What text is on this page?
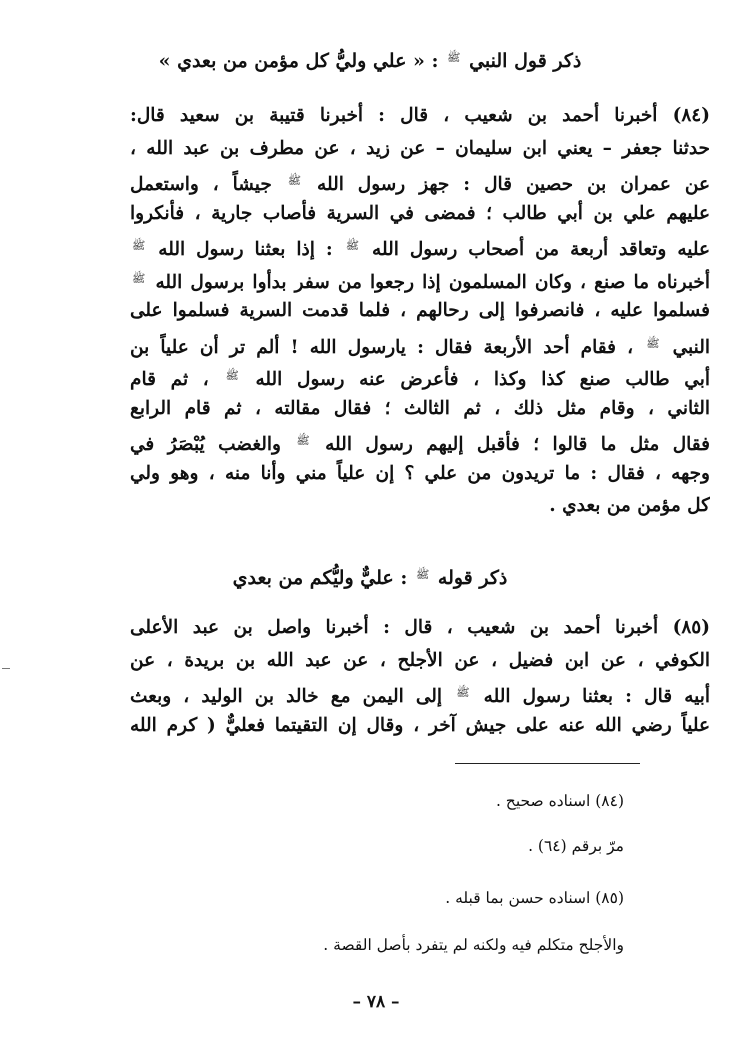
ذكر قول النبي ﷺ : « علي وليُّ كل مؤمن من بعدي »
(٨٤) أخبرنا أحمد بن شعيب ، قال : أخبرنا قتيبة بن سعيد قال:
حدثنا جعفر – يعني ابن سليمان – عن زيد ، عن مطرف بن عبد الله ،
عن عمران بن حصين قال : جهز رسول الله ﷺ جيشاً ، واستعمل
عليهم علي بن أبي طالب ؛ فمضى في السرية فأصاب جارية ، فأنكروا
عليه وتعاقد أربعة من أصحاب رسول الله ﷺ : إذا بعثنا رسول الله ﷺ
أخبرناه ما صنع ، وكان المسلمون إذا رجعوا من سفر بدأوا برسول الله ﷺ
فسلموا عليه ، فانصرفوا إلى رحالهم ، فلما قدمت السرية فسلموا على
النبي ﷺ ، فقام أحد الأربعة فقال : يارسول الله ! ألم تر أن علياً بن
أبي طالب صنع كذا وكذا ، فأعرض عنه رسول الله ﷺ ، ثم قام
الثاني ، وقام مثل ذلك ، ثم الثالث ؛ فقال مقالته ، ثم قام الرابع
فقال مثل ما قالوا ؛ فأقبل إليهم رسول الله ﷺ والغضب يُبْصَرُ في
وجهه ، فقال : ما تريدون من علي ؟ إن علياً مني وأنا منه ، وهو ولي
كل مؤمن من بعدي .
ذكر قوله ﷺ : عليٌّ وليُّكم من بعدي
(٨٥) أخبرنا أحمد بن شعيب ، قال : أخبرنا واصل بن عبد الأعلى
الكوفي ، عن ابن فضيل ، عن الأجلح ، عن عبد الله بن بريدة ، عن
أبيه قال : بعثنا رسول الله ﷺ إلى اليمن مع خالد بن الوليد ، وبعث
علياً رضي الله عنه على جيش آخر ، وقال إن التقيتما فعليٌّ ( كرم الله
(٨٤) اسناده صحيح .
مرّ برقم (٦٤) .
(٨٥) اسناده حسن بما قبله .
والأجلح متكلم فيه ولكنه لم يتفرد بأصل القصة .
– ٧٨ –
